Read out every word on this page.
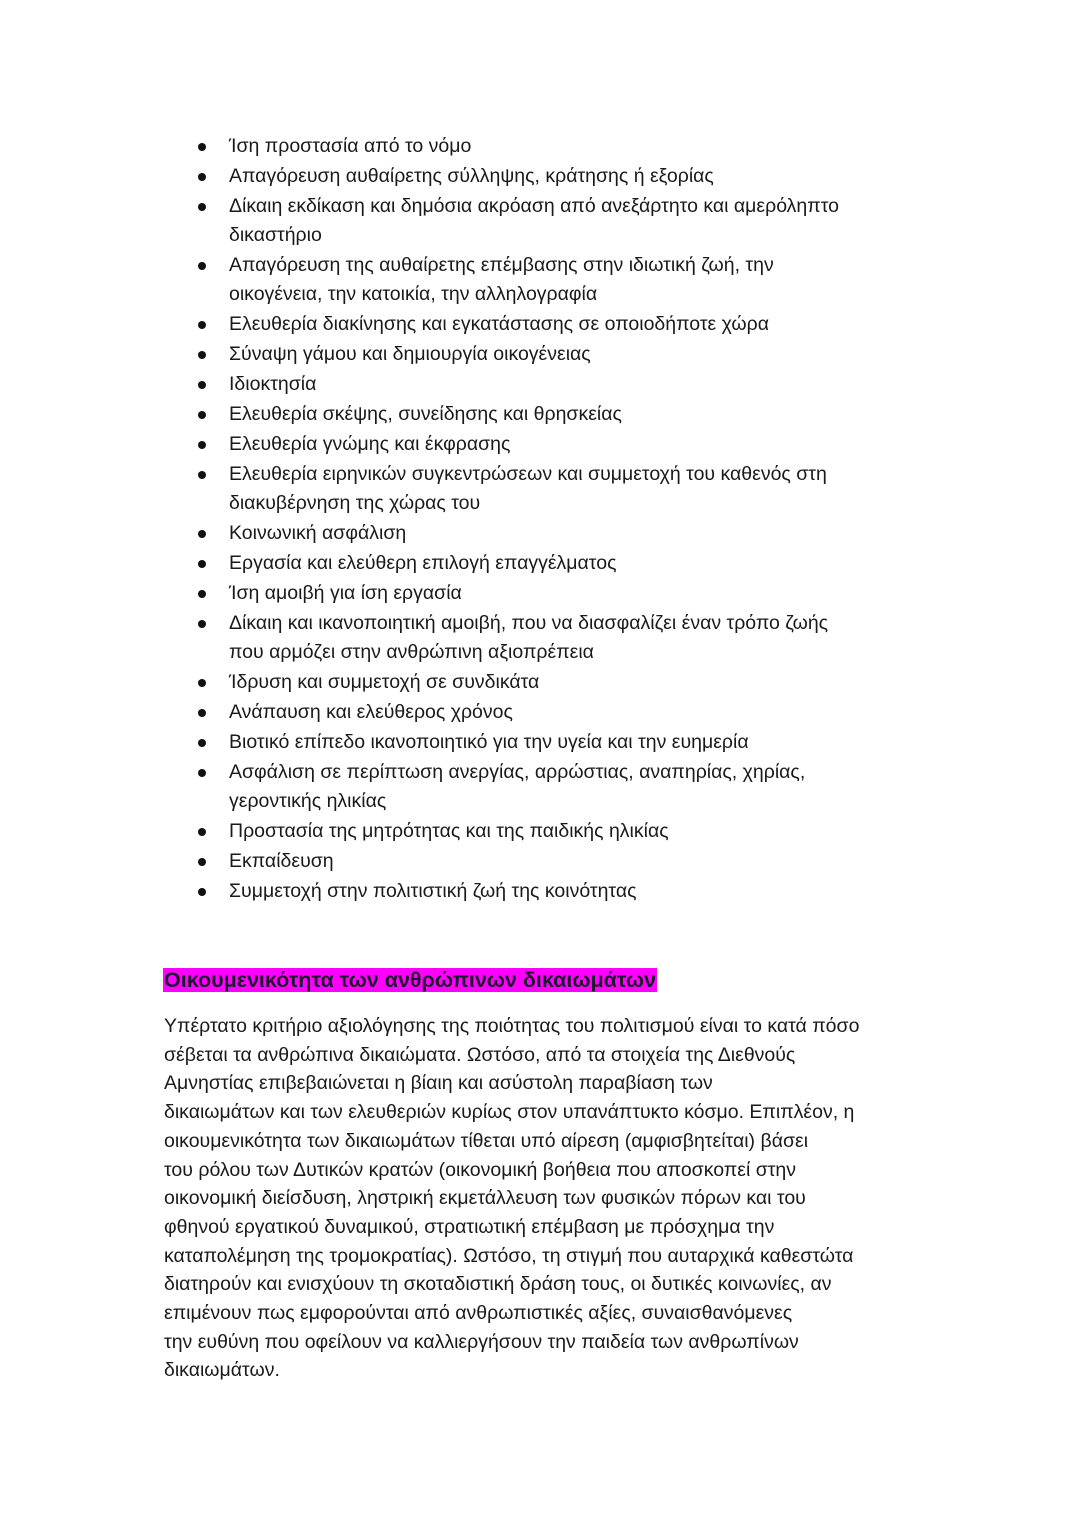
Ίση προστασία από το νόμο
Απαγόρευση αυθαίρετης σύλληψης, κράτησης ή εξορίας
Δίκαιη εκδίκαση και δημόσια ακρόαση από ανεξάρτητο και αμερόληπτο
δικαστήριο
Απαγόρευση της αυθαίρετης επέμβασης στην ιδιωτική ζωή, την
οικογένεια, την κατοικία, την αλληλογραφία
Ελευθερία διακίνησης και εγκατάστασης σε οποιοδήποτε χώρα
Σύναψη γάμου και δημιουργία οικογένειας
Ιδιοκτησία
Ελευθερία σκέψης, συνείδησης και θρησκείας
Ελευθερία γνώμης και έκφρασης
Ελευθερία ειρηνικών συγκεντρώσεων και συμμετοχή του καθενός στη
διακυβέρνηση της χώρας του
Κοινωνική ασφάλιση
Εργασία και ελεύθερη επιλογή επαγγέλματος
Ίση αμοιβή για ίση εργασία
Δίκαιη και ικανοποιητική αμοιβή, που να διασφαλίζει έναν τρόπο ζωής
που αρμόζει στην ανθρώπινη αξιοπρέπεια
Ίδρυση και συμμετοχή σε συνδικάτα
Ανάπαυση και ελεύθερος χρόνος
Βιοτικό επίπεδο ικανοποιητικό για την υγεία και την ευημερία
Ασφάλιση σε περίπτωση ανεργίας, αρρώστιας, αναπηρίας, χηρίας,
γεροντικής ηλικίας
Προστασία της μητρότητας και της παιδικής ηλικίας
Εκπαίδευση
Συμμετοχή στην πολιτιστική ζωή της κοινότητας
Οικουμενικότητα των ανθρώπινων δικαιωμάτων

Υπέρτατο κριτήριο αξιολόγησης της ποιότητας του πολιτισμού είναι το κατά πόσο
σέβεται τα ανθρώπινα δικαιώματα. Ωστόσο, από τα στοιχεία της Διεθνούς
Αμνηστίας επιβεβαιώνεται η βίαιη και ασύστολη παραβίαση των
δικαιωμάτων και των ελευθεριών κυρίως στον υπανάπτυκτο κόσμο. Επιπλέον, η
οικουμενικότητα των δικαιωμάτων τίθεται υπό αίρεση (αμφισβητείται) βάσει
του ρόλου των Δυτικών κρατών (οικονομική βοήθεια που αποσκοπεί στην
οικονομική διείσδυση, ληστρική εκμετάλλευση των φυσικών πόρων και του
φθηνού εργατικού δυναμικού, στρατιωτική επέμβαση με πρόσχημα την
καταπολέμηση της τρομοκρατίας). Ωστόσο, τη στιγμή που αυταρχικά καθεστώτα
διατηρούν και ενισχύουν τη σκοταδιστική δράση τους, οι δυτικές κοινωνίες, αν
επιμένουν πως εμφορούνται από ανθρωπιστικές αξίες, συναισθανόμενες
την ευθύνη που οφείλουν να καλλιεργήσουν την παιδεία των ανθρωπίνων
δικαιωμάτων.
